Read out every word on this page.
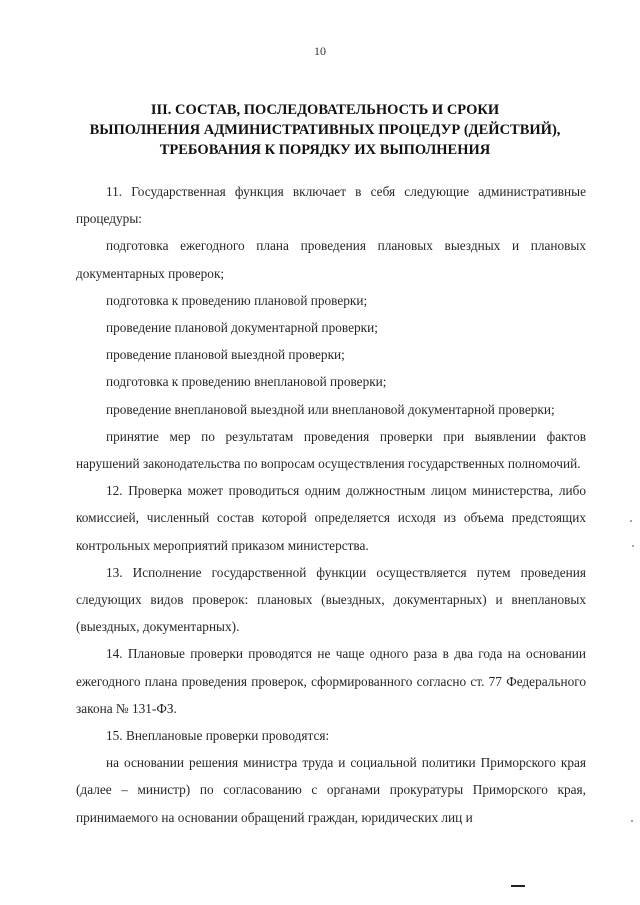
10
III. СОСТАВ, ПОСЛЕДОВАТЕЛЬНОСТЬ И СРОКИ
ВЫПОЛНЕНИЯ АДМИНИСТРАТИВНЫХ ПРОЦЕДУР (ДЕЙСТВИЙ),
ТРЕБОВАНИЯ К ПОРЯДКУ ИХ ВЫПОЛНЕНИЯ

11. Государственная функция включает в себя следующие административные процедуры:

подготовка ежегодного плана проведения плановых выездных и плановых документарных проверок;

подготовка к проведению плановой проверки;

проведение плановой документарной проверки;

проведение плановой выездной проверки;

подготовка к проведению внеплановой проверки;

проведение внеплановой выездной или внеплановой документарной проверки;

принятие мер по результатам проведения проверки при выявлении фактов нарушений законодательства по вопросам осуществления государственных полномочий.

12. Проверка может проводиться одним должностным лицом министерства, либо комиссией, численный состав которой определяется исходя из объема предстоящих контрольных мероприятий приказом министерства.

13. Исполнение государственной функции осуществляется путем проведения следующих видов проверок: плановых (выездных, документарных) и внеплановых (выездных, документарных).

14. Плановые проверки проводятся не чаще одного раза в два года на основании ежегодного плана проведения проверок, сформированного согласно ст. 77 Федерального закона № 131-ФЗ.

15. Внеплановые проверки проводятся:

на основании решения министра труда и социальной политики Приморского края (далее – министр) по согласованию с органами прокуратуры Приморского края, принимаемого на основании обращений граждан, юридических лиц и
